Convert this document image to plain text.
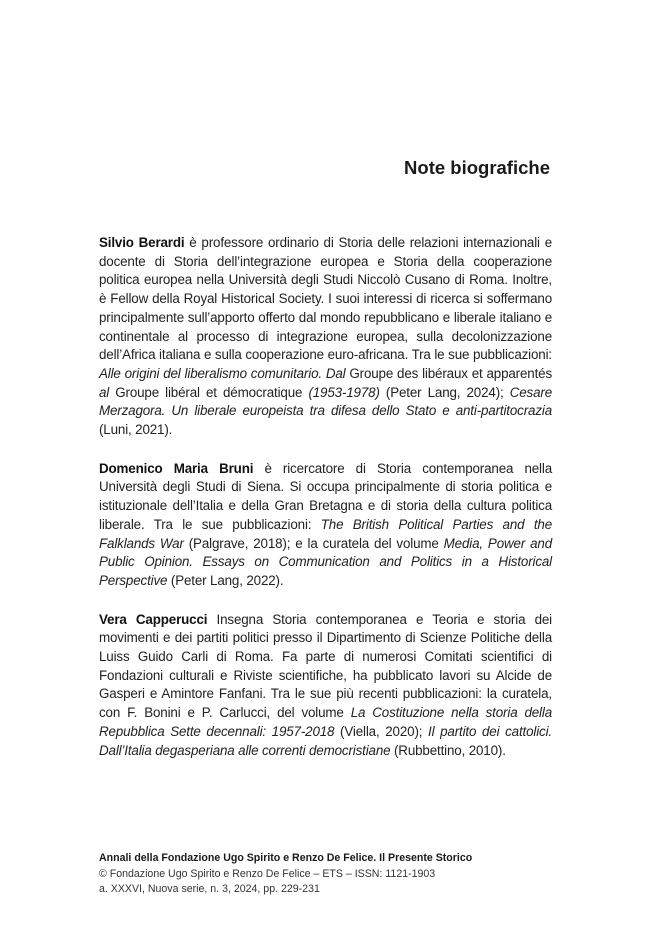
Note biografiche

Silvio Berardi è professore ordinario di Storia delle relazioni internazionali e docente di Storia dell’integrazione europea e Storia della cooperazione politica europea nella Università degli Studi Niccolò Cusano di Roma. Inoltre, è Fellow della Royal Historical Society. I suoi interessi di ricerca si soffermano principalmente sull’apporto offerto dal mondo repubblicano e liberale italiano e continentale al processo di integrazione europea, sulla decolonizzazione dell’Africa italiana e sulla cooperazione euro-africana. Tra le sue pubblicazioni: Alle origini del liberalismo comunitario. Dal Groupe des libéraux et apparentés al Groupe libéral et démocratique (1953-1978) (Peter Lang, 2024); Cesare Merzagora. Un liberale europeista tra difesa dello Stato e anti-partitocrazia (Luni, 2021).

Domenico Maria Bruni è ricercatore di Storia contemporanea nella Università degli Studi di Siena. Si occupa principalmente di storia politica e istituzionale dell’Italia e della Gran Bretagna e di storia della cultura politica liberale. Tra le sue pubblicazioni: The British Political Parties and the Falklands War (Palgrave, 2018); e la curatela del volume Media, Power and Public Opinion. Essays on Communication and Politics in a Historical Perspective (Peter Lang, 2022).

Vera Capperucci Insegna Storia contemporanea e Teoria e storia dei movimenti e dei partiti politici presso il Dipartimento di Scienze Politiche della Luiss Guido Carli di Roma. Fa parte di numerosi Comitati scientifici di Fondazioni culturali e Riviste scientifiche, ha pubblicato lavori su Alcide de Gasperi e Amintore Fanfani. Tra le sue più recenti pubblicazioni: la curatela, con F. Bonini e P. Carlucci, del volume La Costituzione nella storia della Repubblica Sette decennali: 1957-2018 (Viella, 2020); Il partito dei cattolici. Dall’Italia degasperiana alle correnti democristiane (Rubbettino, 2010).

Annali della Fondazione Ugo Spirito e Renzo De Felice. Il Presente Storico
© Fondazione Ugo Spirito e Renzo De Felice – ETS – ISSN: 1121-1903
a. XXXVI, Nuova serie, n. 3, 2024, pp. 229-231
